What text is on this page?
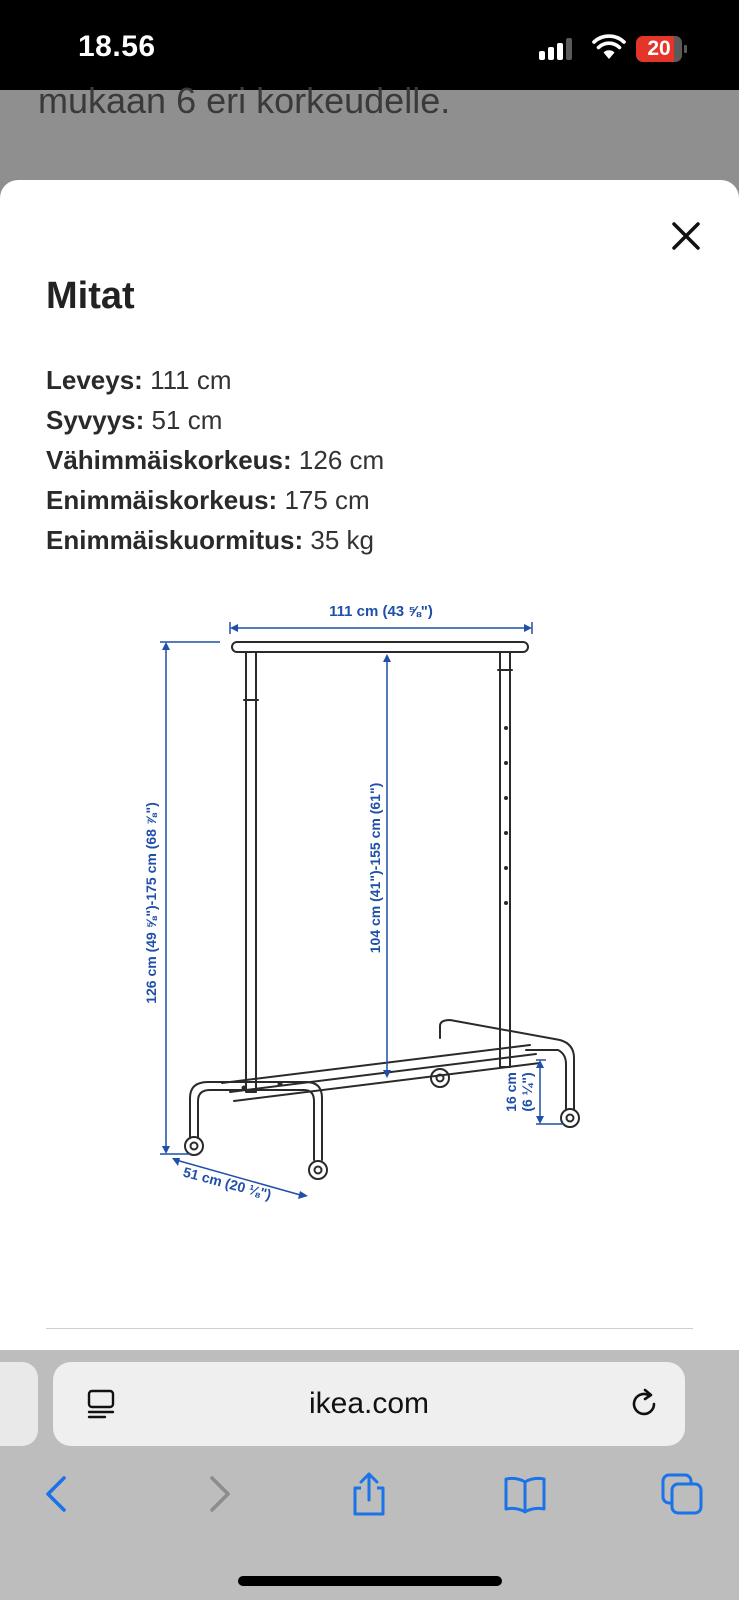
18.56	20
mukaan 6 eri korkeudelle.
Mitat
Leveys: 111 cm
Syvyys: 51 cm
Vähimmäiskorkeus: 126 cm
Enimmäiskorkeus: 175 cm
Enimmäiskuormitus: 35 kg
111 cm (43 ⅝")
126 cm (49 ⅝")-175 cm (68 ⅞")	104 cm (41")-155 cm (61")
51 cm (20 ⅛")
16 cm (6 ¼")
ikea.com
